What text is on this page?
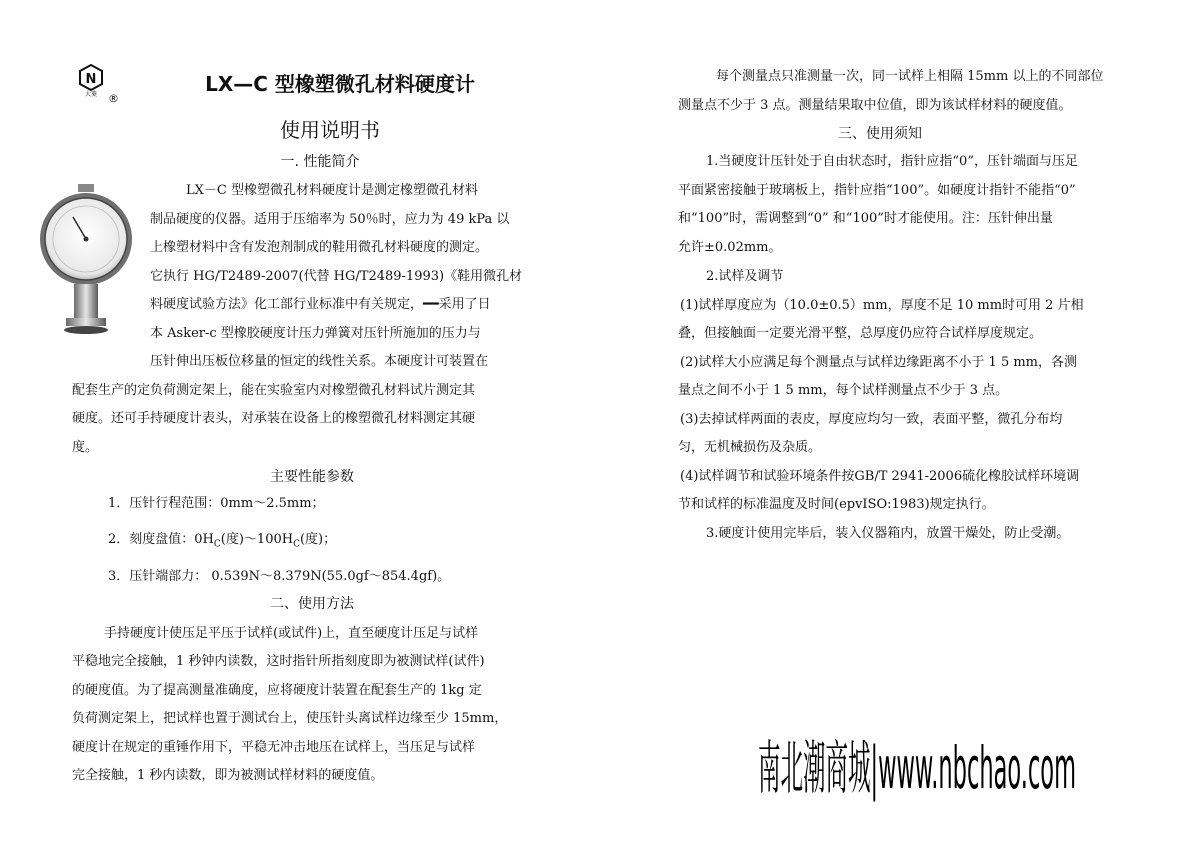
N
大菱	®
LX—C 型橡塑微孔材料硬度计
使用说明书
一. 性能简介
LX－C 型橡塑微孔材料硬度计是测定橡塑微孔材料
制品硬度的仪器。适用于压缩率为 50％时，应力为 49 kPa 以
上橡塑材料中含有发泡剂制成的鞋用微孔材料硬度的测定。
它执行 HG/T2489-2007(代替 HG/T2489-1993)《鞋用微孔材
料硬度试验方法》化工部行业标准中有关规定，━━采用了日
本 Asker-c 型橡胶硬度计压力弹簧对压针所施加的压力与
压针伸出压板位移量的恒定的线性关系。本硬度计可装置在
配套生产的定负荷测定架上，能在实验室内对橡塑微孔材料试片测定其
硬度。还可手持硬度计表头，对承装在设备上的橡塑微孔材料测定其硬
度。
主要性能参数
1．压针行程范围：0mm～2.5mm；
2．刻度盘值：$0H_C$(度)$\sim 100H_C$(度)；
3．压针端部力： 0.539N～8.379N(55.0gf～854.4gf)。
二、使用方法
手持硬度计使压足平压于试样(或试件)上，直至硬度计压足与试样
平稳地完全接触，1 秒钟内读数，这时指针所指刻度即为被测试样(试件)
的硬度值。为了提高测量准确度，应将硬度计装置在配套生产的 1kg 定
负荷测定架上，把试样也置于测试台上，使压针头离试样边缘至少 15mm，
硬度计在规定的重锤作用下，平稳无冲击地压在试样上，当压足与试样
完全接触，1 秒内读数，即为被测试样材料的硬度值。
每个测量点只准测量一次，同一试样上相隔 15mm 以上的不同部位
测量点不少于 3 点。测量结果取中位值，即为该试样材料的硬度值。
三、使用须知
1.当硬度计压针处于自由状态时，指针应指“0”，压针端面与压足
平面紧密接触于玻璃板上，指针应指“100”。如硬度计指针不能指“0”
和“100”时，需调整到“0” 和“100”时才能使用。注：压针伸出量
允许±0.02mm。
2.试样及调节
(1)试样厚度应为（10.0±0.5）mm，厚度不足 10 mm时可用 2 片相
叠，但接触面一定要光滑平整，总厚度仍应符合试样厚度规定。
(2)试样大小应满足每个测量点与试样边缘距离不小于 1 5 mm，各测
量点之间不小于 1 5 mm，每个试样测量点不少于 3 点。
(3)去掉试样两面的表皮，厚度应均匀一致，表面平整，微孔分布均
匀，无机械损伤及杂质。
(4)试样调节和试验环境条件按GB/T 2941-2006硫化橡胶试样环境调
节和试样的标准温度及时间(epvISO:1983)规定执行。
3.硬度计使用完毕后，装入仪器箱内，放置干燥处，防止受潮。
南北潮商城|www.nbchao.com
